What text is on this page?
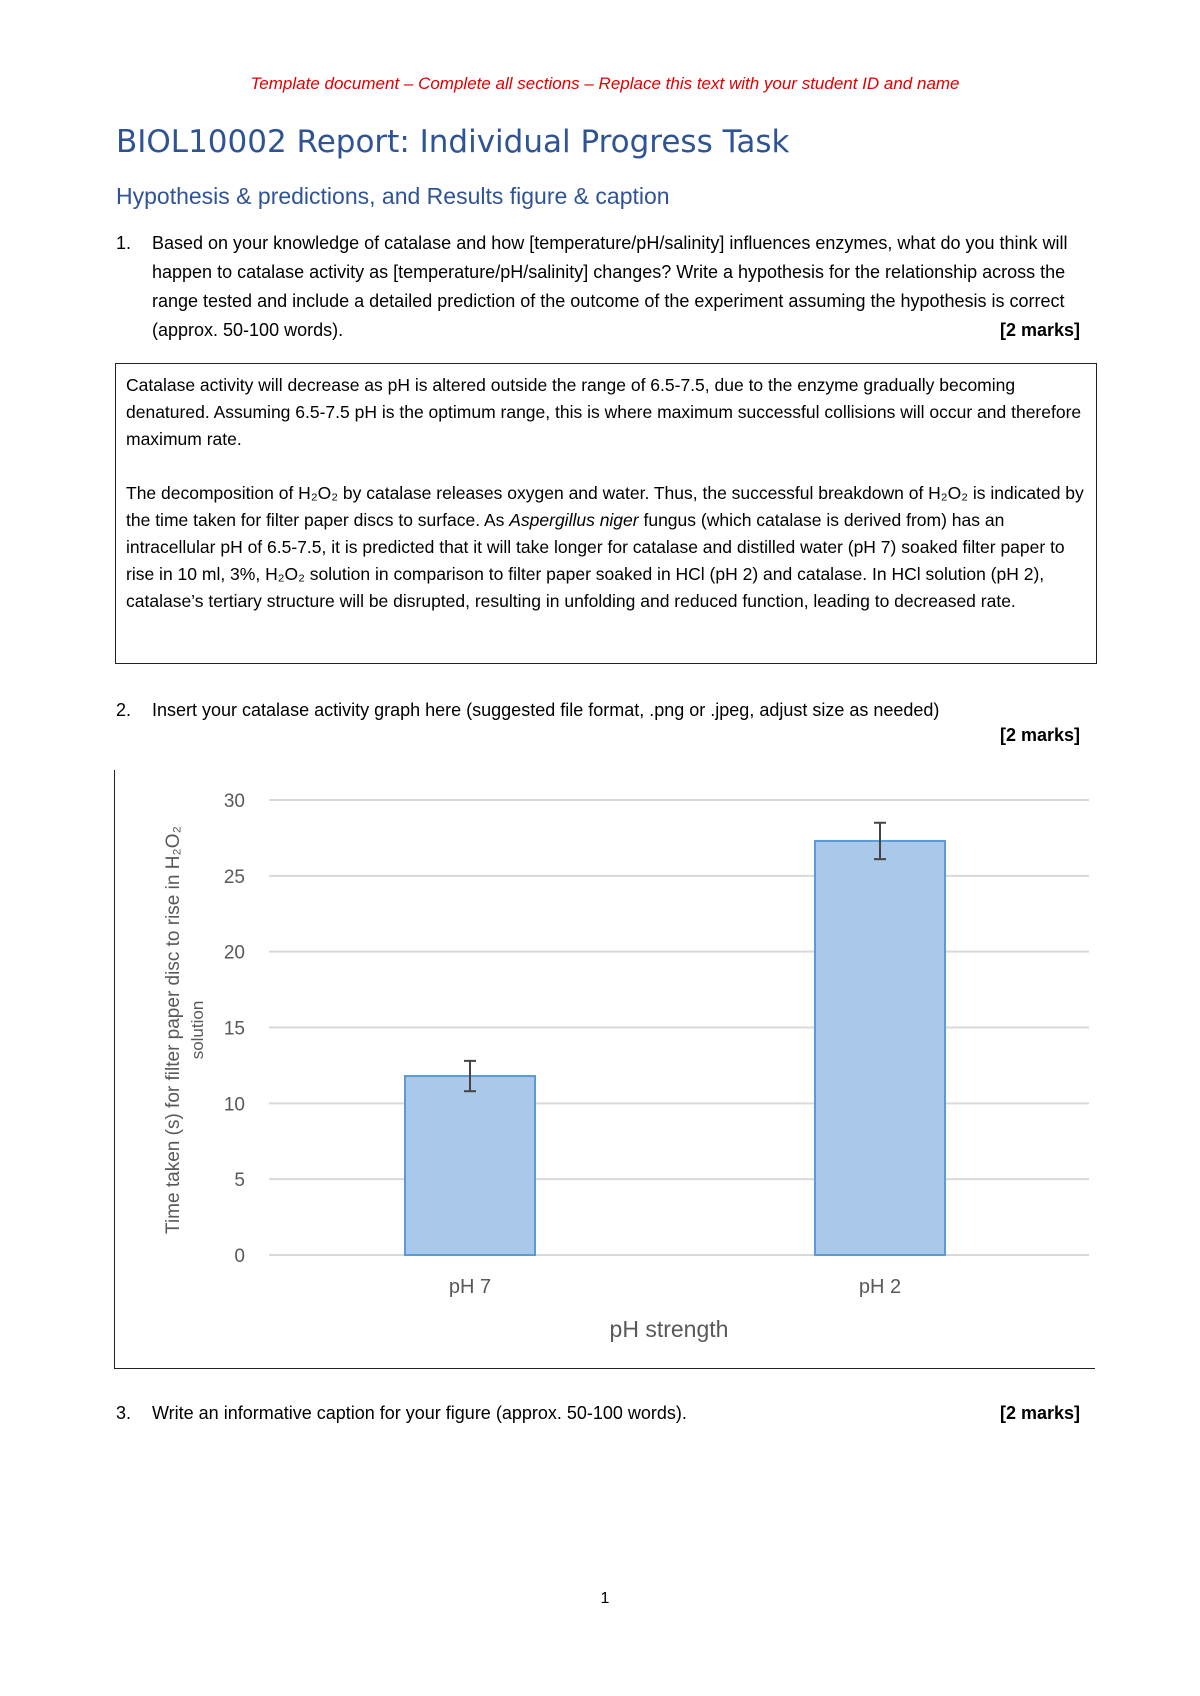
Template document – Complete all sections – Replace this text with your student ID and name
BIOL10002 Report: Individual Progress Task
Hypothesis & predictions, and Results figure & caption
1. Based on your knowledge of catalase and how [temperature/pH/salinity] influences enzymes, what do you think will happen to catalase activity as [temperature/pH/salinity] changes? Write a hypothesis for the relationship across the range tested and include a detailed prediction of the outcome of the experiment assuming the hypothesis is correct (approx. 50-100 words).	[2 marks]

Catalase activity will decrease as pH is altered outside the range of 6.5-7.5, due to the enzyme gradually becoming denatured. Assuming 6.5-7.5 pH is the optimum range, this is where maximum successful collisions will occur and therefore maximum rate.

The decomposition of H₂O₂ by catalase releases oxygen and water. Thus, the successful breakdown of H₂O₂ is indicated by the time taken for filter paper discs to surface. As Aspergillus niger fungus (which catalase is derived from) has an intracellular pH of 6.5-7.5, it is predicted that it will take longer for catalase and distilled water (pH 7) soaked filter paper to rise in 10 ml, 3%, H₂O₂ solution in comparison to filter paper soaked in HCl (pH 2) and catalase. In HCl solution (pH 2), catalase’s tertiary structure will be disrupted, resulting in unfolding and reduced function, leading to decreased rate.

2. Insert your catalase activity graph here (suggested file format, .png or .jpeg, adjust size as needed)
[2 marks]
0
5
10
15
20
25
30
pH 7	pH 2
pH strength
Time taken (s) for filter paper disc to rise in H₂O₂ solution
3. Write an informative caption for your figure (approx. 50-100 words).	[2 marks]
1
